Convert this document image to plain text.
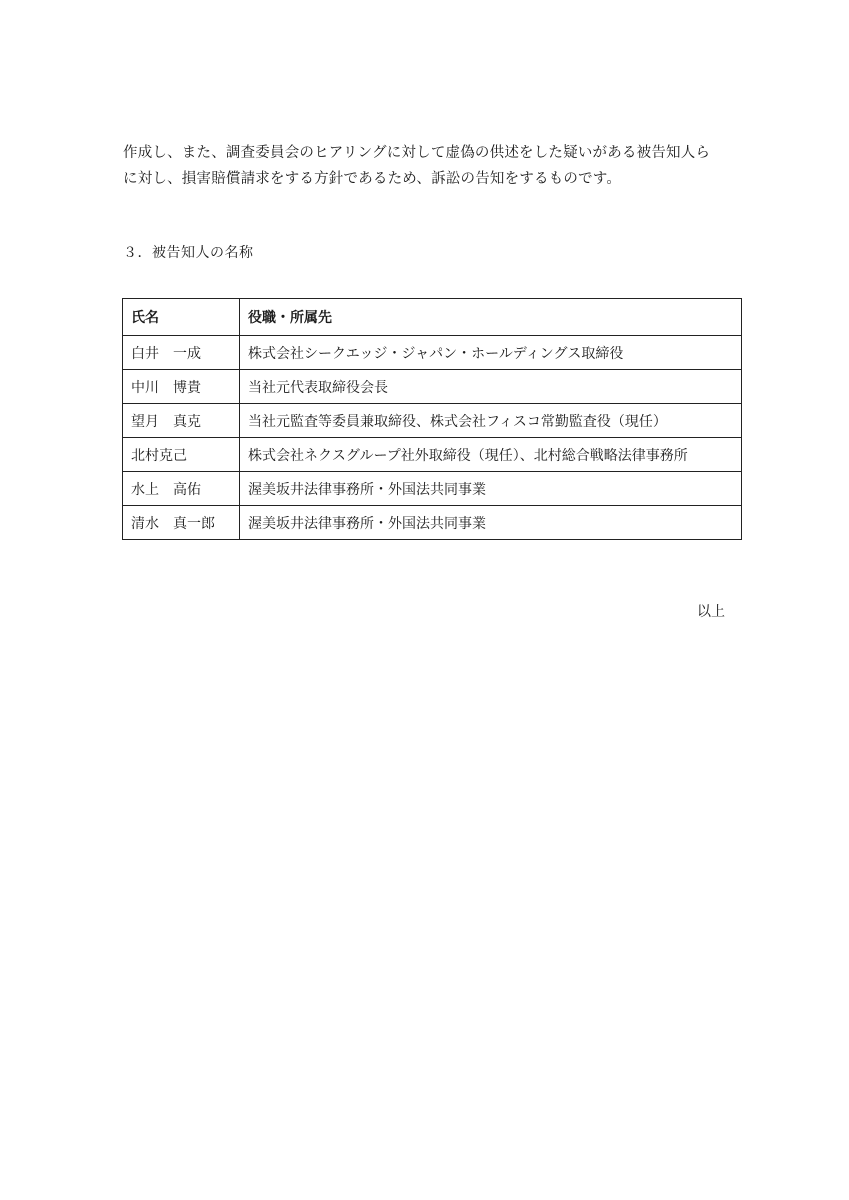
作成し、また、調査委員会のヒアリングに対して虚偽の供述をした疑いがある被告知人ら

に対し、損害賠償請求をする方針であるため、訴訟の告知をするものです。

３．被告知人の名称
氏名	役職・所属先
白井　一成	株式会社シークエッジ・ジャパン・ホールディングス取締役
中川　博貴	当社元代表取締役会長
望月　真克	当社元監査等委員兼取締役、株式会社フィスコ常勤監査役（現任）
北村克己	株式会社ネクスグループ社外取締役（現任）、北村総合戦略法律事務所
水上　高佑	渥美坂井法律事務所・外国法共同事業
清水　真一郎	渥美坂井法律事務所・外国法共同事業
以上
